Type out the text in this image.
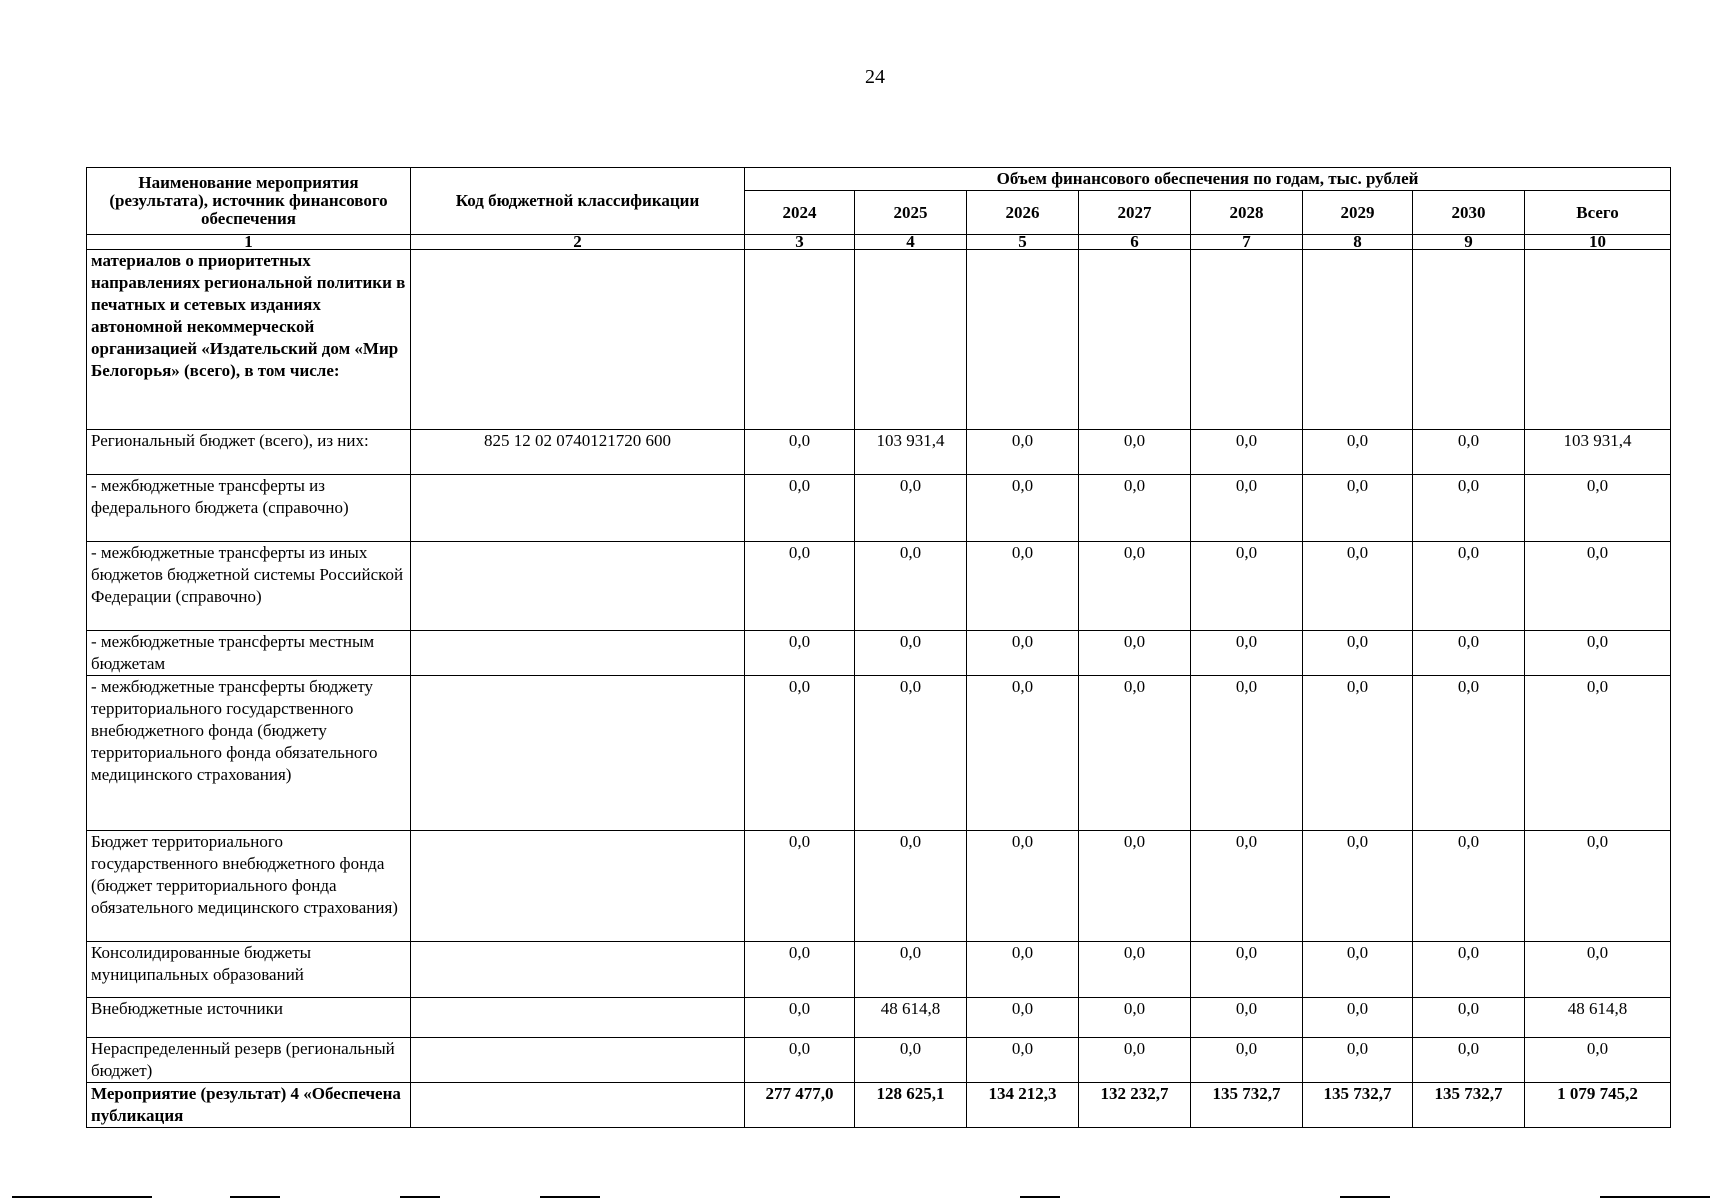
24
Наименование мероприятия (результата), источник финансового обеспечения	Код бюджетной классификации	Объем финансового обеспечения по годам, тыс. рублей							
		2024	2025	2026	2027	2028	2029	2030	Всего
1	2	3	4	5	6	7	8	9	10
материалов о приоритетных направлениях региональной политики в печатных и сетевых изданиях автономной некоммерческой организацией «Издательский дом «Мир Белогорья» (всего), в том числе:									
Региональный бюджет (всего), из них:	825 12 02 0740121720 600	0,0	103 931,4	0,0	0,0	0,0	0,0	0,0	103 931,4
- межбюджетные трансферты из федерального бюджета (справочно)		0,0	0,0	0,0	0,0	0,0	0,0	0,0	0,0
- межбюджетные трансферты из иных бюджетов бюджетной системы Российской Федерации (справочно)		0,0	0,0	0,0	0,0	0,0	0,0	0,0	0,0
- межбюджетные трансферты местным бюджетам		0,0	0,0	0,0	0,0	0,0	0,0	0,0	0,0
- межбюджетные трансферты бюджету территориального государственного внебюджетного фонда (бюджету территориального фонда обязательного медицинского страхования)		0,0	0,0	0,0	0,0	0,0	0,0	0,0	0,0
Бюджет территориального государственного внебюджетного фонда (бюджет территориального фонда обязательного медицинского страхования)		0,0	0,0	0,0	0,0	0,0	0,0	0,0	0,0
Консолидированные бюджеты муниципальных образований		0,0	0,0	0,0	0,0	0,0	0,0	0,0	0,0
Внебюджетные источники		0,0	48 614,8	0,0	0,0	0,0	0,0	0,0	48 614,8
Нераспределенный резерв (региональный бюджет)		0,0	0,0	0,0	0,0	0,0	0,0	0,0	0,0
Мероприятие (результат) 4 «Обеспечена публикация		277 477,0	128 625,1	134 212,3	132 232,7	135 732,7	135 732,7	135 732,7	1 079 745,2
